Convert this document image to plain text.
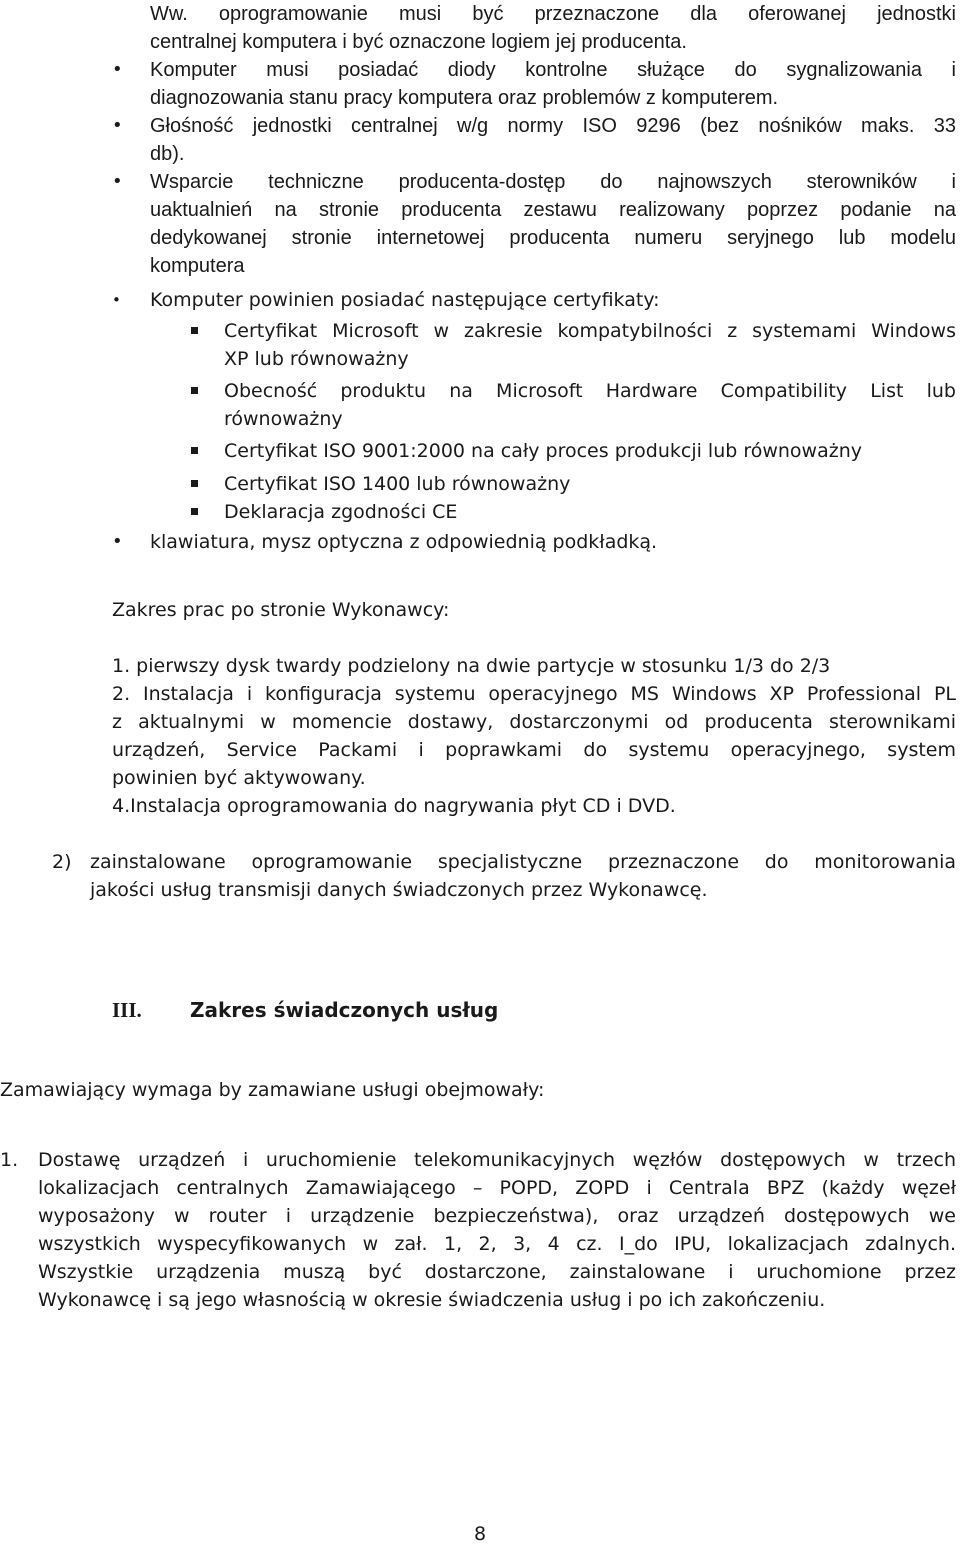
Ww. oprogramowanie musi być przeznaczone dla oferowanej jednostki
centralnej komputera i być oznaczone logiem jej producenta.
• Komputer musi posiadać diody kontrolne służące do sygnalizowania i
diagnozowania stanu pracy komputera oraz problemów z komputerem.
• Głośność jednostki centralnej w/g normy ISO 9296 (bez nośników maks. 33
db).
• Wsparcie techniczne producenta-dostęp do najnowszych sterowników i
uaktualnień na stronie producenta zestawu realizowany poprzez podanie na
dedykowanej stronie internetowej producenta numeru seryjnego lub modelu
komputera
• Komputer powinien posiadać następujące certyfikaty:
Certyfikat Microsoft w zakresie kompatybilności z systemami Windows
XP lub równoważny
Obecność produktu na Microsoft Hardware Compatibility List lub
równoważny
Certyfikat ISO 9001:2000 na cały proces produkcji lub równoważny
Certyfikat ISO 1400 lub równoważny
Deklaracja zgodności CE
• klawiatura, mysz optyczna z odpowiednią podkładką.
Zakres prac po stronie Wykonawcy:
1. pierwszy dysk twardy podzielony na dwie partycje w stosunku 1/3 do 2/3
2. Instalacja i konfiguracja systemu operacyjnego MS Windows XP Professional PL
z aktualnymi w momencie dostawy, dostarczonymi od producenta sterownikami
urządzeń, Service Packami i poprawkami do systemu operacyjnego, system
powinien być aktywowany.
4.Instalacja oprogramowania do nagrywania płyt CD i DVD.
2) zainstalowane oprogramowanie specjalistyczne przeznaczone do monitorowania
jakości usług transmisji danych świadczonych przez Wykonawcę.
III. Zakres świadczonych usług
Zamawiający wymaga by zamawiane usługi obejmowały:
1. Dostawę urządzeń i uruchomienie telekomunikacyjnych węzłów dostępowych w trzech
lokalizacjach centralnych Zamawiającego – POPD, ZOPD i Centrala BPZ (każdy węzeł
wyposażony w router i urządzenie bezpieczeństwa), oraz urządzeń dostępowych we
wszystkich wyspecyfikowanych w zał. 1, 2, 3, 4 cz. I_do IPU, lokalizacjach zdalnych.
Wszystkie urządzenia muszą być dostarczone, zainstalowane i uruchomione przez
Wykonawcę i są jego własnością w okresie świadczenia usług i po ich zakończeniu.
8
